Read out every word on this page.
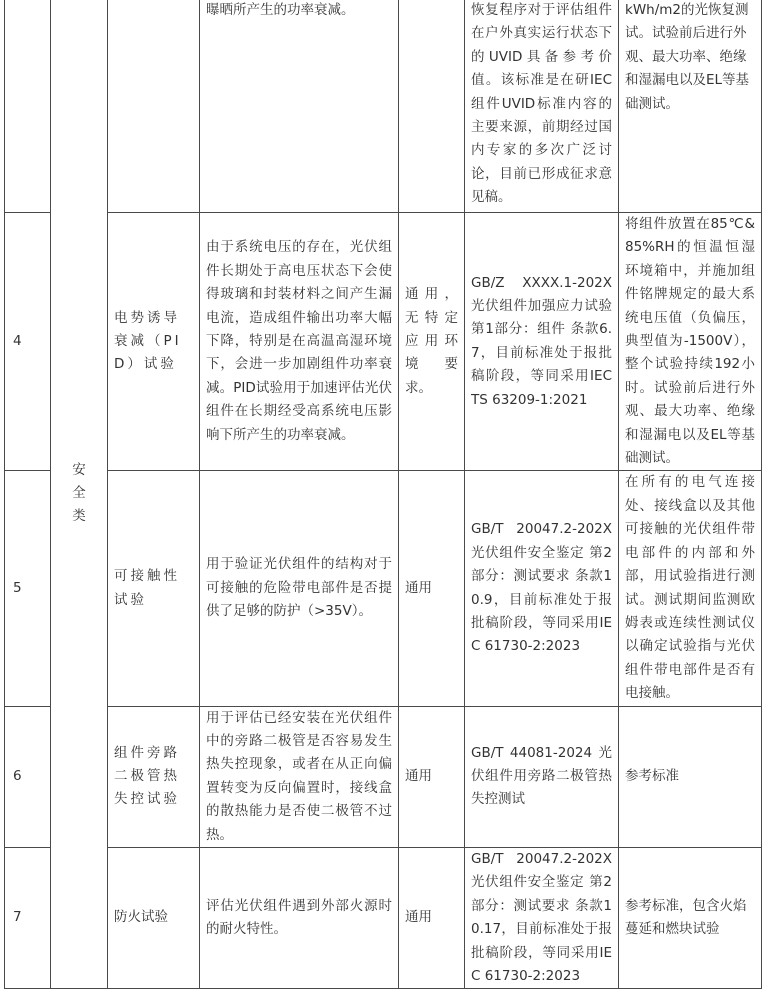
	安全类		曝晒所产生的功率衰减。		恢复程序对于评估组件在户外真实运行状态下的UVID具备参考价值。该标准是在研IEC组件UVID标准内容的主要来源，前期经过国内专家的多次广泛讨论，目前已形成征求意见稿。	kWh/m2的光恢复测试。试验前后进行外观、最大功率、绝缘和湿漏电以及EL等基础测试。
4		电势诱导衰减（PID）试验	由于系统电压的存在，光伏组件长期处于高电压状态下会使得玻璃和封装材料之间产生漏电流，造成组件输出功率大幅下降，特别是在高温高湿环境下，会进一步加剧组件功率衰减。PID试验用于加速评估光伏组件在长期经受高系统电压影响下所产生的功率衰减。	通用，无特定应用环境要求。	GB/Z XXXX.1-202X 光伏组件加强应力试验 第1部分：组件 条款6.7，目前标准处于报批稿阶段，等同采用IEC TS 63209-1:2021	将组件放置在85℃&85%RH的恒温恒湿环境箱中，并施加组件铭牌规定的最大系统电压值（负偏压，典型值为-1500V），整个试验持续192小时。试验前后进行外观、最大功率、绝缘和湿漏电以及EL等基础测试。
5		可接触性试验	用于验证光伏组件的结构对于可接触的危险带电部件是否提供了足够的防护（>35V）。	通用	GB/T 20047.2-202X 光伏组件安全鉴定 第2部分：测试要求 条款10.9，目前标准处于报批稿阶段，等同采用IEC 61730-2:2023	在所有的电气连接处、接线盒以及其他可接触的光伏组件带电部件的内部和外部，用试验指进行测试。测试期间监测欧姆表或连续性测试仪以确定试验指与光伏组件带电部件是否有电接触。
6		组件旁路二极管热失控试验	用于评估已经安装在光伏组件中的旁路二极管是否容易发生热失控现象，或者在从正向偏置转变为反向偏置时，接线盒的散热能力是否使二极管不过热。	通用	GB/T 44081-2024 光伏组件用旁路二极管热失控测试	参考标准
7		防火试验	评估光伏组件遇到外部火源时的耐火特性。	通用	GB/T 20047.2-202X 光伏组件安全鉴定 第2部分：测试要求 条款10.17，目前标准处于报批稿阶段，等同采用IEC 61730-2:2023	参考标准，包含火焰蔓延和燃块试验
